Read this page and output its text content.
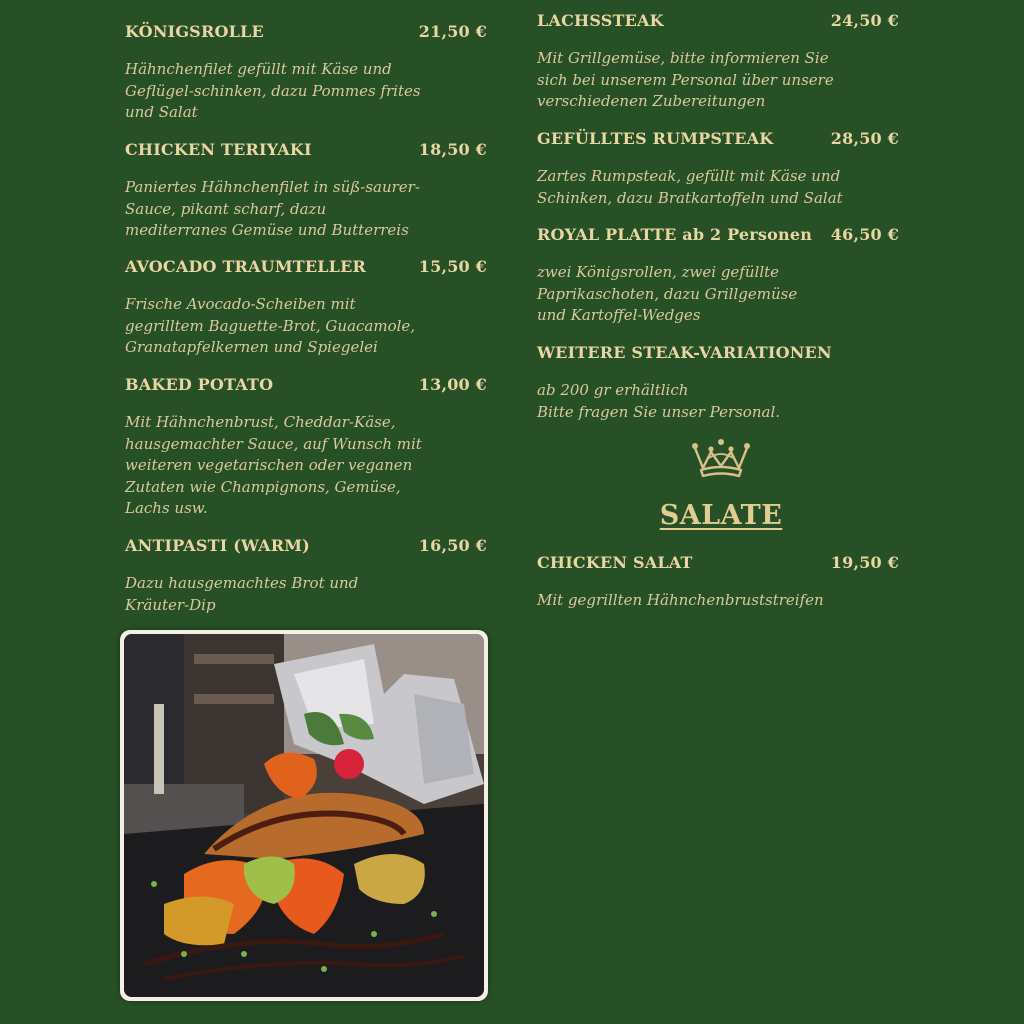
KÖNIGSROLLE	21,50 €
Hähnchenfilet gefüllt mit Käse und
Geflügel-schinken, dazu Pommes frites
und Salat
CHICKEN TERIYAKI	18,50 €
Paniertes Hähnchenfilet in süß-saurer-
Sauce, pikant scharf, dazu
mediterranes Gemüse und Butterreis
AVOCADO TRAUMTELLER	15,50 €
Frische Avocado-Scheiben mit
gegrilltem Baguette-Brot, Guacamole,
Granatapfelkernen und Spiegelei
BAKED POTATO	13,00 €
Mit Hähnchenbrust, Cheddar-Käse,
hausgemachter Sauce, auf Wunsch mit
weiteren vegetarischen oder veganen
Zutaten wie Champignons, Gemüse,
Lachs usw.
ANTIPASTI (WARM)	16,50 €
Dazu hausgemachtes Brot und
Kräuter-Dip
LACHSSTEAK	24,50 €
Mit Grillgemüse, bitte informieren Sie
sich bei unserem Personal über unsere
verschiedenen Zubereitungen
GEFÜLLTES RUMPSTEAK	28,50 €
Zartes Rumpsteak, gefüllt mit Käse und
Schinken, dazu Bratkartoffeln und Salat
ROYAL PLATTE ab 2 Personen 46,50 €
zwei Königsrollen, zwei gefüllte
Paprikaschoten, dazu Grillgemüse
und Kartoffel-Wedges
WEITERE STEAK-VARIATIONEN
ab 200 gr erhältlich
Bitte fragen Sie unser Personal.
CHICKEN SALAT	19,50 €
Mit gegrillten Hähnchenbruststreifen
SALATE
